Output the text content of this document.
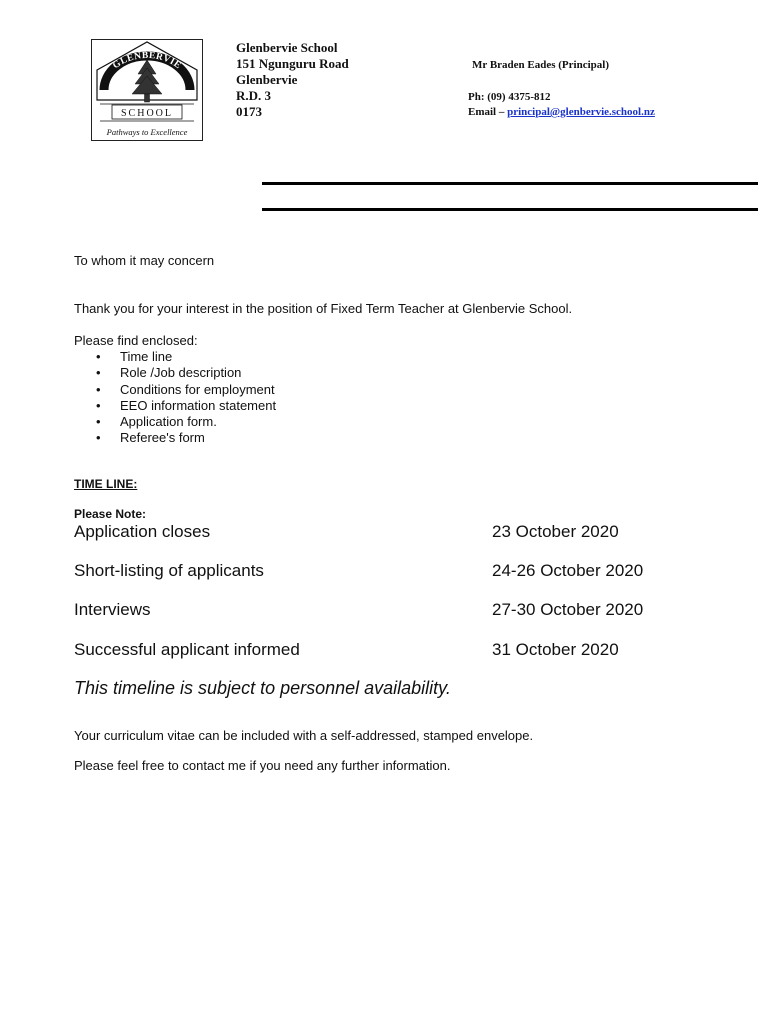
GLENBERVIE
SCHOOL
Pathways to Excellence
Glenbervie School
151 Ngunguru Road
Glenbervie
R.D. 3
0173
Mr Braden Eades (Principal)
Ph: (09) 4375-812
Email – principal@glenbervie.school.nz
To whom it may concern
Thank you for your interest in the position of Fixed Term Teacher at Glenbervie School.
Please find enclosed:
• Time line
• Role /Job description
• Conditions for employment
• EEO information statement
• Application form.
• Referee's form
TIME LINE:
Please Note:
Application closes	23 October 2020
Short-listing of applicants	24-26 October 2020
Interviews	27-30 October 2020
Successful applicant informed	31 October 2020
This timeline is subject to personnel availability.
Your curriculum vitae can be included with a self-addressed, stamped envelope.
Please feel free to contact me if you need any further information.
